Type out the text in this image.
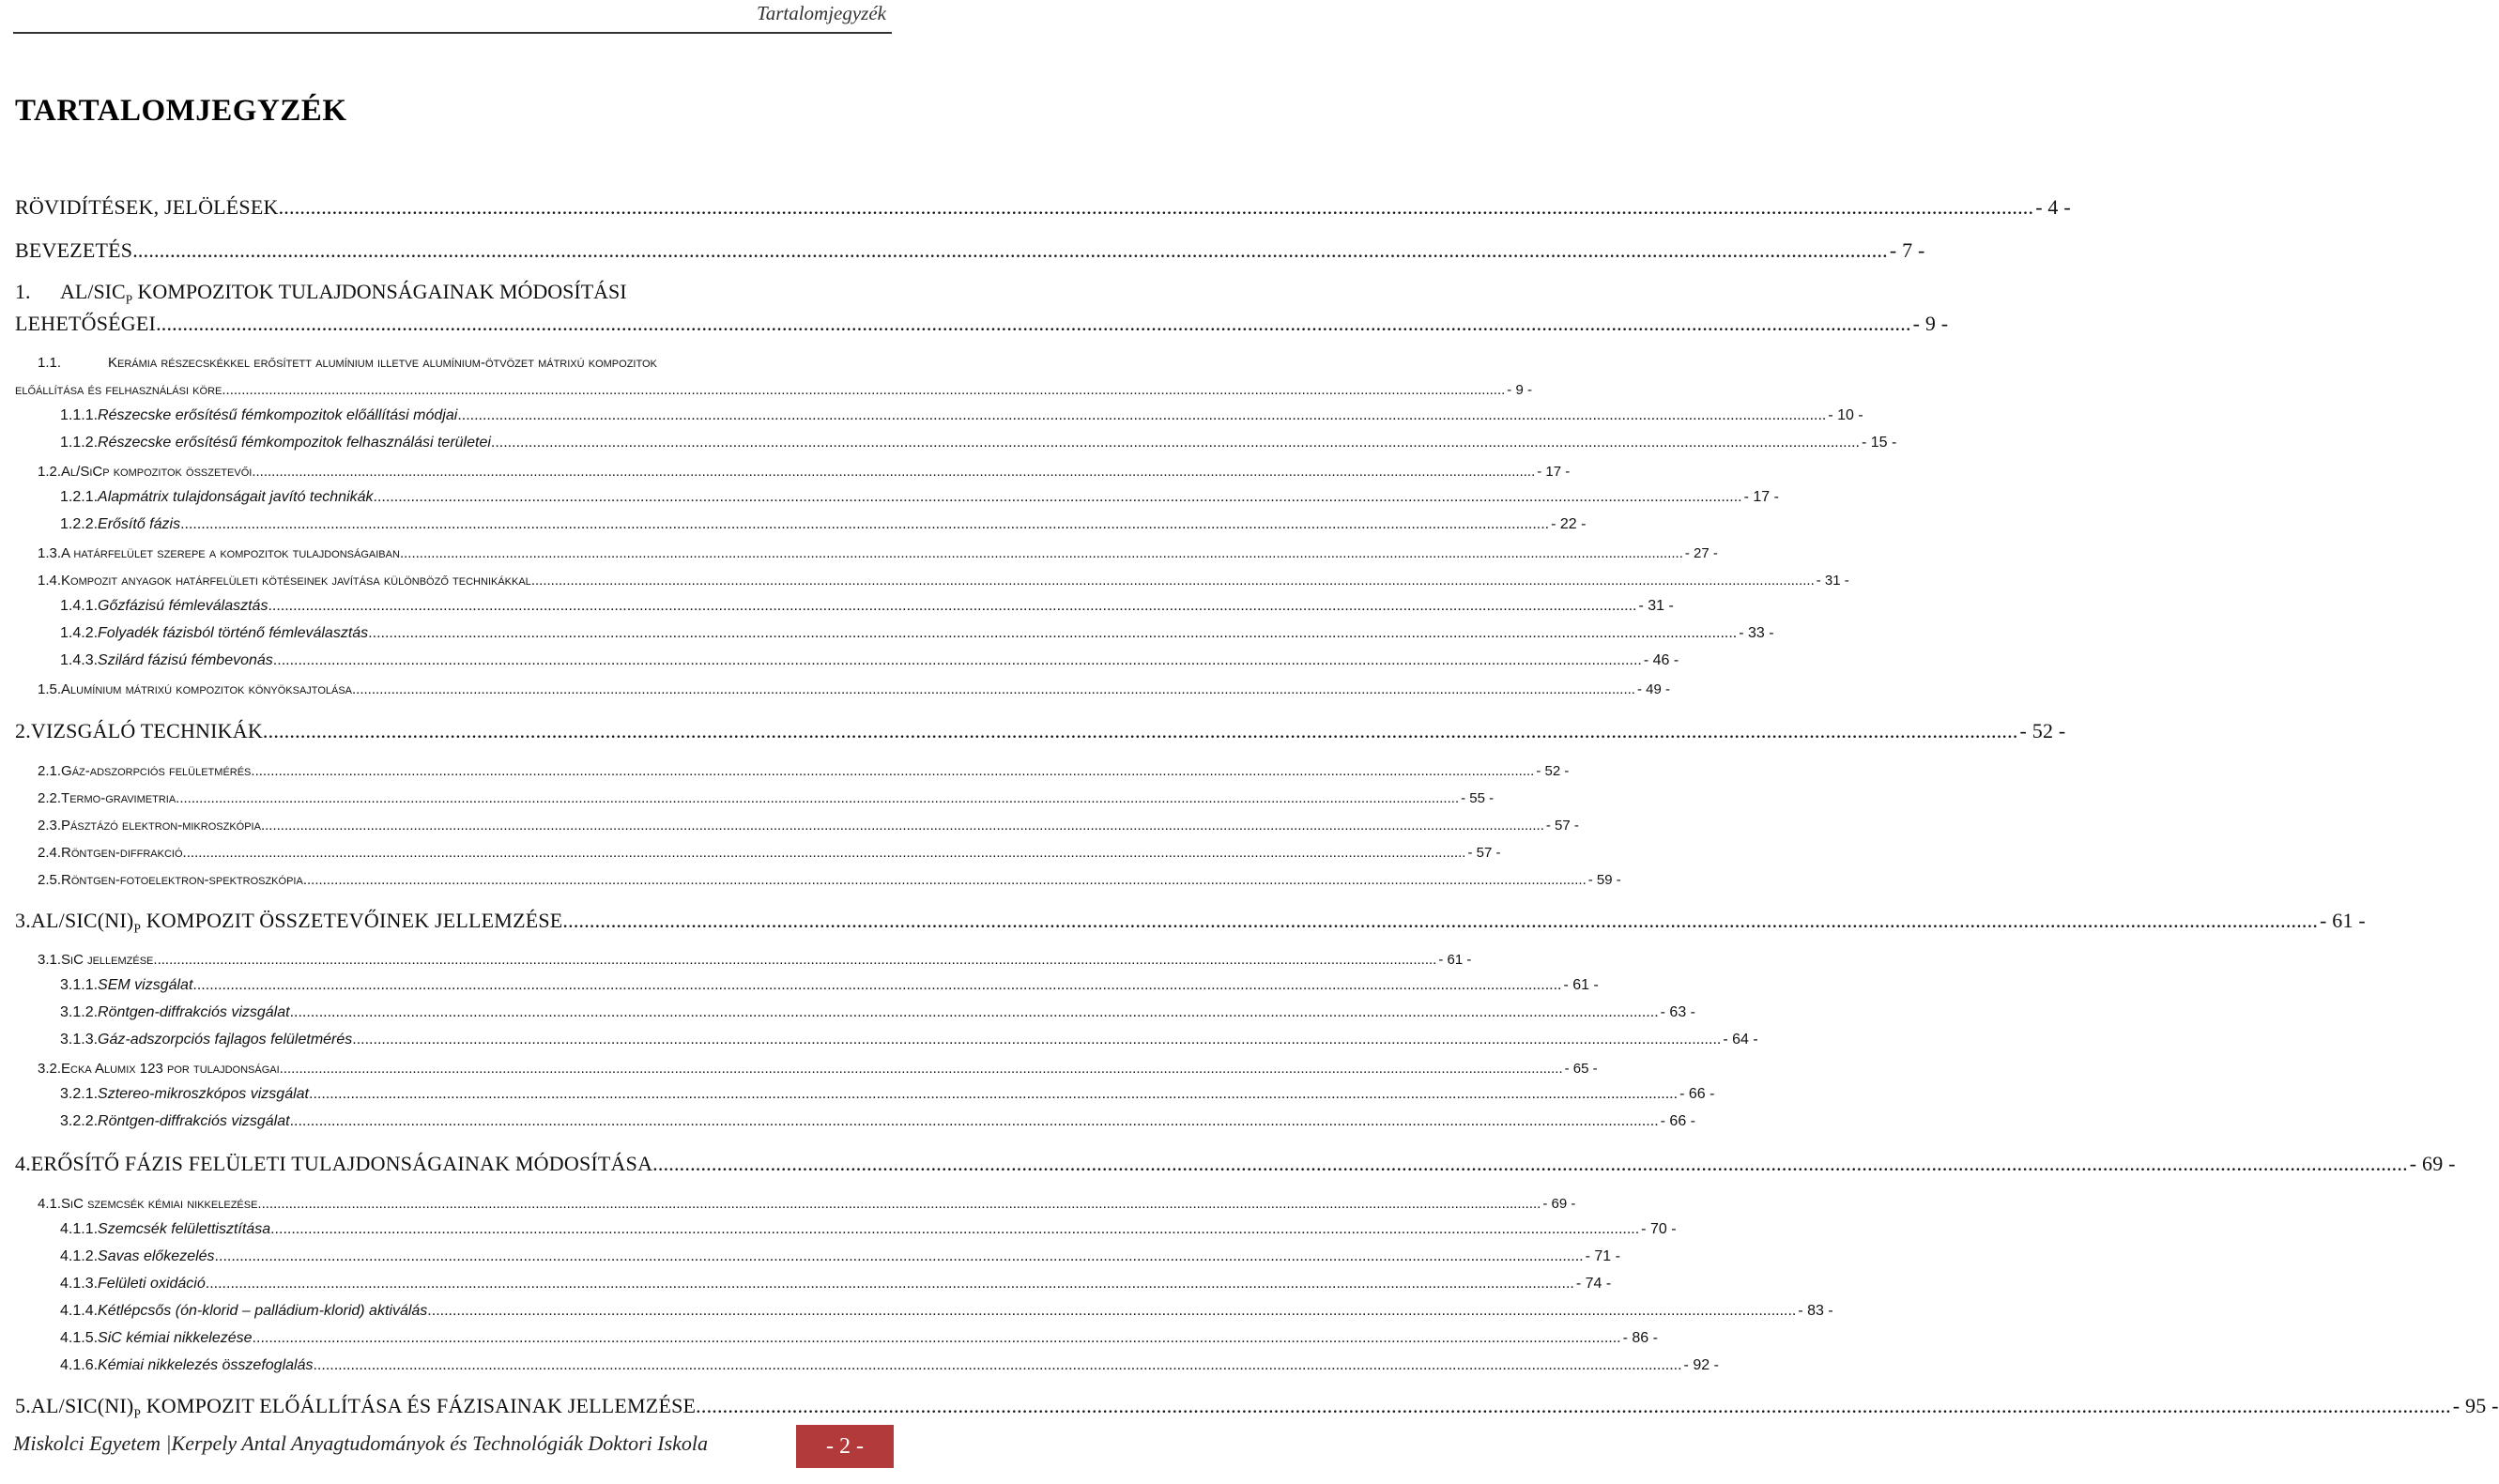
Tartalomjegyzék
TARTALOMJEGYZÉK
RÖVIDÍTÉSEK, JELÖLÉSEK .....	- 4 -
BEVEZETÉS .....	- 7 -
1. $AL/SIC_P$ KOMPOZITOK TULAJDONSÁGAINAK MÓDOSÍTÁSI
LEHETŐSÉGEI .....	- 9 -
1.1.	Kerámia részecskékkel erősített alumínium illetve alumínium-ötvözet mátrixú kompozitok
előállítása és felhasználási köre .....	- 9 -
1.1.1. Részecske erősítésű fémkompozitok előállítási módjai .....	- 10 -
1.1.2. Részecske erősítésű fémkompozitok felhasználási területei .....	- 15 -
1.2. Al/SiCp kompozitok összetevői .....	- 17 -
1.2.1. Alapmátrix tulajdonságait javító technikák .....	- 17 -
1.2.2. Erősítő fázis .....	- 22 -
1.3. A határfelület szerepe a kompozitok tulajdonságaiban .....	- 27 -
1.4. Kompozit anyagok határfelületi kötéseinek javítása különböző technikákkal .....	- 31 -
1.4.1. Gőzfázisú fémleválasztás .....	- 31 -
1.4.2. Folyadék fázisból történő fémleválasztás .....	- 33 -
1.4.3. Szilárd fázisú fémbevonás .....	- 46 -
1.5. Alumínium mátrixú kompozitok könyöksajtolása .....	- 49 -
2. VIZSGÁLÓ TECHNIKÁK .....	- 52 -
2.1. Gáz-adszorpciós felületmérés .....	- 52 -
2.2. Termo-gravimetria .....	- 55 -
2.3. Pásztázó elektron-mikroszkópia .....	- 57 -
2.4. Röntgen-diffrakció .....	- 57 -
2.5. Röntgen-fotoelektron-spektroszkópia .....	- 59 -
3. $AL/SIC(NI)_P$ KOMPOZIT ÖSSZETEVŐINEK JELLEMZÉSE .....	- 61 -
3.1. SiC jellemzése .....	- 61 -
3.1.1. SEM vizsgálat .....	- 61 -
3.1.2. Röntgen-diffrakciós vizsgálat .....	- 63 -
3.1.3. Gáz-adszorpciós fajlagos felületmérés .....	- 64 -
3.2. Ecka Alumix 123 por tulajdonságai .....	- 65 -
3.2.1. Sztereo-mikroszkópos vizsgálat .....	- 66 -
3.2.2. Röntgen-diffrakciós vizsgálat .....	- 66 -
4. ERŐSÍTŐ FÁZIS FELÜLETI TULAJDONSÁGAINAK MÓDOSÍTÁSA .....	- 69 -
4.1. SiC szemcsék kémiai nikkelezése .....	- 69 -
4.1.1. Szemcsék felülettisztítása .....	- 70 -
4.1.2. Savas előkezelés .....	- 71 -
4.1.3. Felületi oxidáció .....	- 74 -
4.1.4. Kétlépcsős (ón-klorid – palládium-klorid) aktiválás .....	- 83 -
4.1.5. SiC kémiai nikkelezése .....	- 86 -
4.1.6. Kémiai nikkelezés összefoglalás .....	- 92 -
5. $AL/SIC(NI)_P$ KOMPOZIT ELŐÁLLÍTÁSA ÉS FÁZISAINAK JELLEMZÉSE .....	- 95 -
Miskolci Egyetem |Kerpely Antal Anyagtudományok és Technológiák Doktori Iskola	- 2 -
